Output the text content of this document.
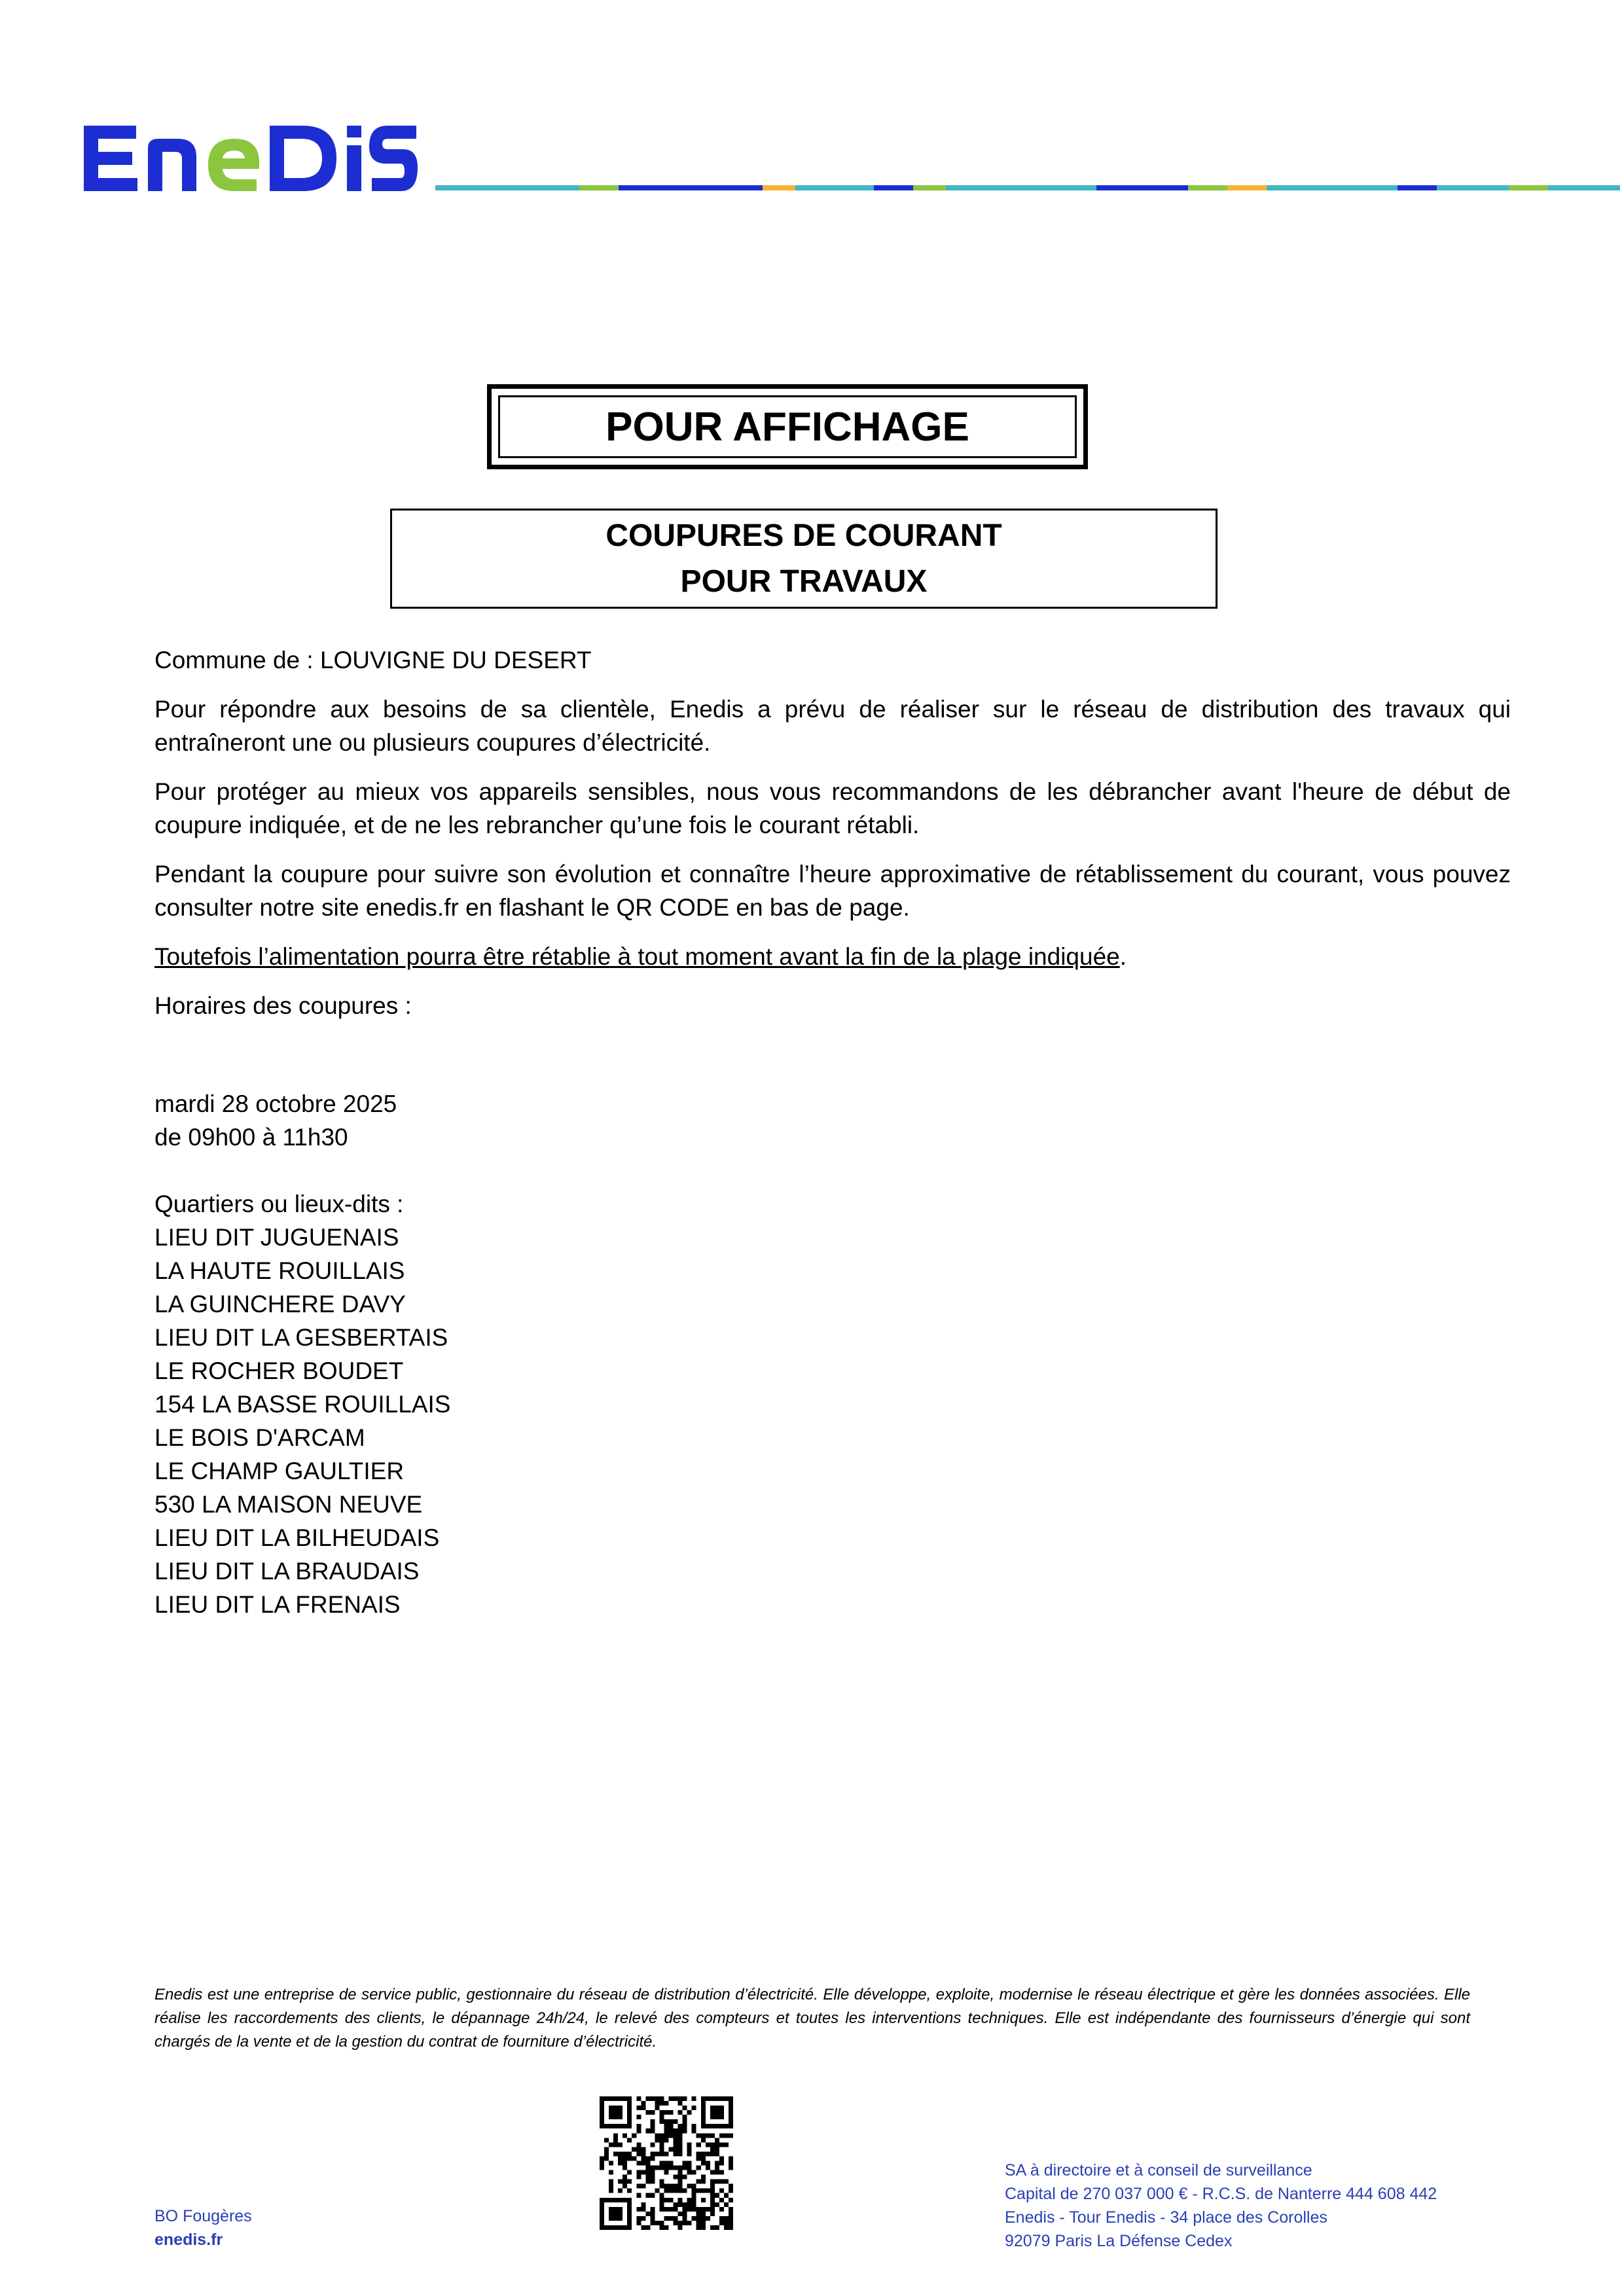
POUR AFFICHAGE
COUPURES DE COURANT
POUR TRAVAUX

Commune de : LOUVIGNE DU DESERT

Pour répondre aux besoins de sa clientèle, Enedis a prévu de réaliser sur le réseau de distribution des travaux qui entraîneront une ou plusieurs coupures d’électricité.

Pour protéger au mieux vos appareils sensibles, nous vous recommandons de les débrancher avant l'heure de début de coupure indiquée, et de ne les rebrancher qu’une fois le courant rétabli.

Pendant la coupure pour suivre son évolution et connaître l’heure approximative de rétablissement du courant, vous pouvez consulter notre site enedis.fr en flashant le QR CODE en bas de page.

Toutefois l’alimentation pourra être rétablie à tout moment avant la fin de la plage indiquée.

Horaires des coupures :

mardi 28 octobre 2025
de 09h00 à 11h30
Quartiers ou lieux-dits :
LIEU DIT JUGUENAIS
LA HAUTE ROUILLAIS
LA GUINCHERE DAVY
LIEU DIT LA GESBERTAIS
LE ROCHER BOUDET
154 LA BASSE ROUILLAIS
LE BOIS D'ARCAM
LE CHAMP GAULTIER
530 LA MAISON NEUVE
LIEU DIT LA BILHEUDAIS
LIEU DIT LA BRAUDAIS
LIEU DIT LA FRENAIS
Enedis est une entreprise de service public, gestionnaire du réseau de distribution d’électricité. Elle développe, exploite, modernise le réseau électrique et gère les données associées. Elle réalise les raccordements des clients, le dépannage 24h/24, le relevé des compteurs et toutes les interventions techniques. Elle est indépendante des fournisseurs d’énergie qui sont chargés de la vente et de la gestion du contrat de fourniture d’électricité.
BO Fougères
enedis.fr
SA à directoire et à conseil de surveillance
Capital de 270 037 000 € - R.C.S. de Nanterre 444 608 442
Enedis - Tour Enedis - 34 place des Corolles
92079 Paris La Défense Cedex
